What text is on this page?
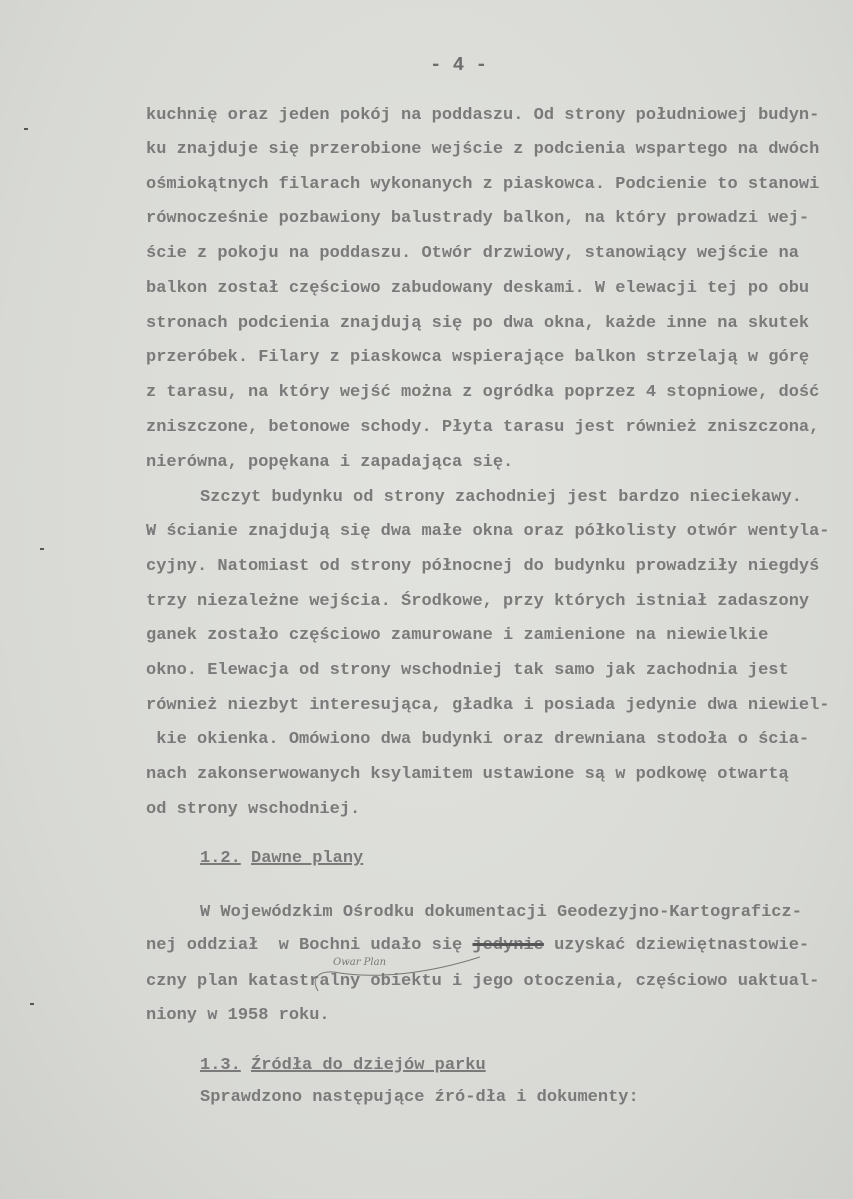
- 4 -
kuchnię oraz jeden pokój na poddaszu. Od strony południowej budyn-
ku znajduje się przerobione wejście z podcienia wspartego na dwóch
ośmiokątnych filarach wykonanych z piaskowca. Podcienie to stanowi
równocześnie pozbawiony balustrady balkon, na który prowadzi wej-
ście z pokoju na poddaszu. Otwór drzwiowy, stanowiący wejście na
balkon został częściowo zabudowany deskami. W elewacji tej po obu
stronach podcienia znajdują się po dwa okna, każde inne na skutek
przeróbek. Filary z piaskowca wspierające balkon strzelają w górę
z tarasu, na który wejść można z ogródka poprzez 4 stopniowe, dość
zniszczone, betonowe schody. Płyta tarasu jest również zniszczona,
nierówna, popękana i zapadająca się.
Szczyt budynku od strony zachodniej jest bardzo nieciekawy.
W ścianie znajdują się dwa małe okna oraz półkolisty otwór wentyla-
cyjny. Natomiast od strony północnej do budynku prowadziły niegdyś
trzy niezależne wejścia. Środkowe, przy których istniał zadaszony
ganek zostało częściowo zamurowane i zamienione na niewielkie
okno. Elewacja od strony wschodniej tak samo jak zachodnia jest
również niezbyt interesująca, gładka i posiada jedynie dwa niewiel-
kie okienka. Omówiono dwa budynki oraz drewniana stodoła o ścia-
nach zakonserwowanych ksylamitem ustawione są w podkowę otwartą
od strony wschodniej.
1.2. Dawne plany
W Wojewódzkim Ośrodku dokumentacji Geodezyjno-Kartograficz-
nej oddział  w Bochni udało się jedynie uzyskać dziewiętnastowie-
czny plan katastralny obiektu i jego otoczenia, częściowo uaktual-
niony w 1958 roku.
Owar Plan
1.3. Źródła do dziejów parku
Sprawdzono następujące źró-dła i dokumenty:
